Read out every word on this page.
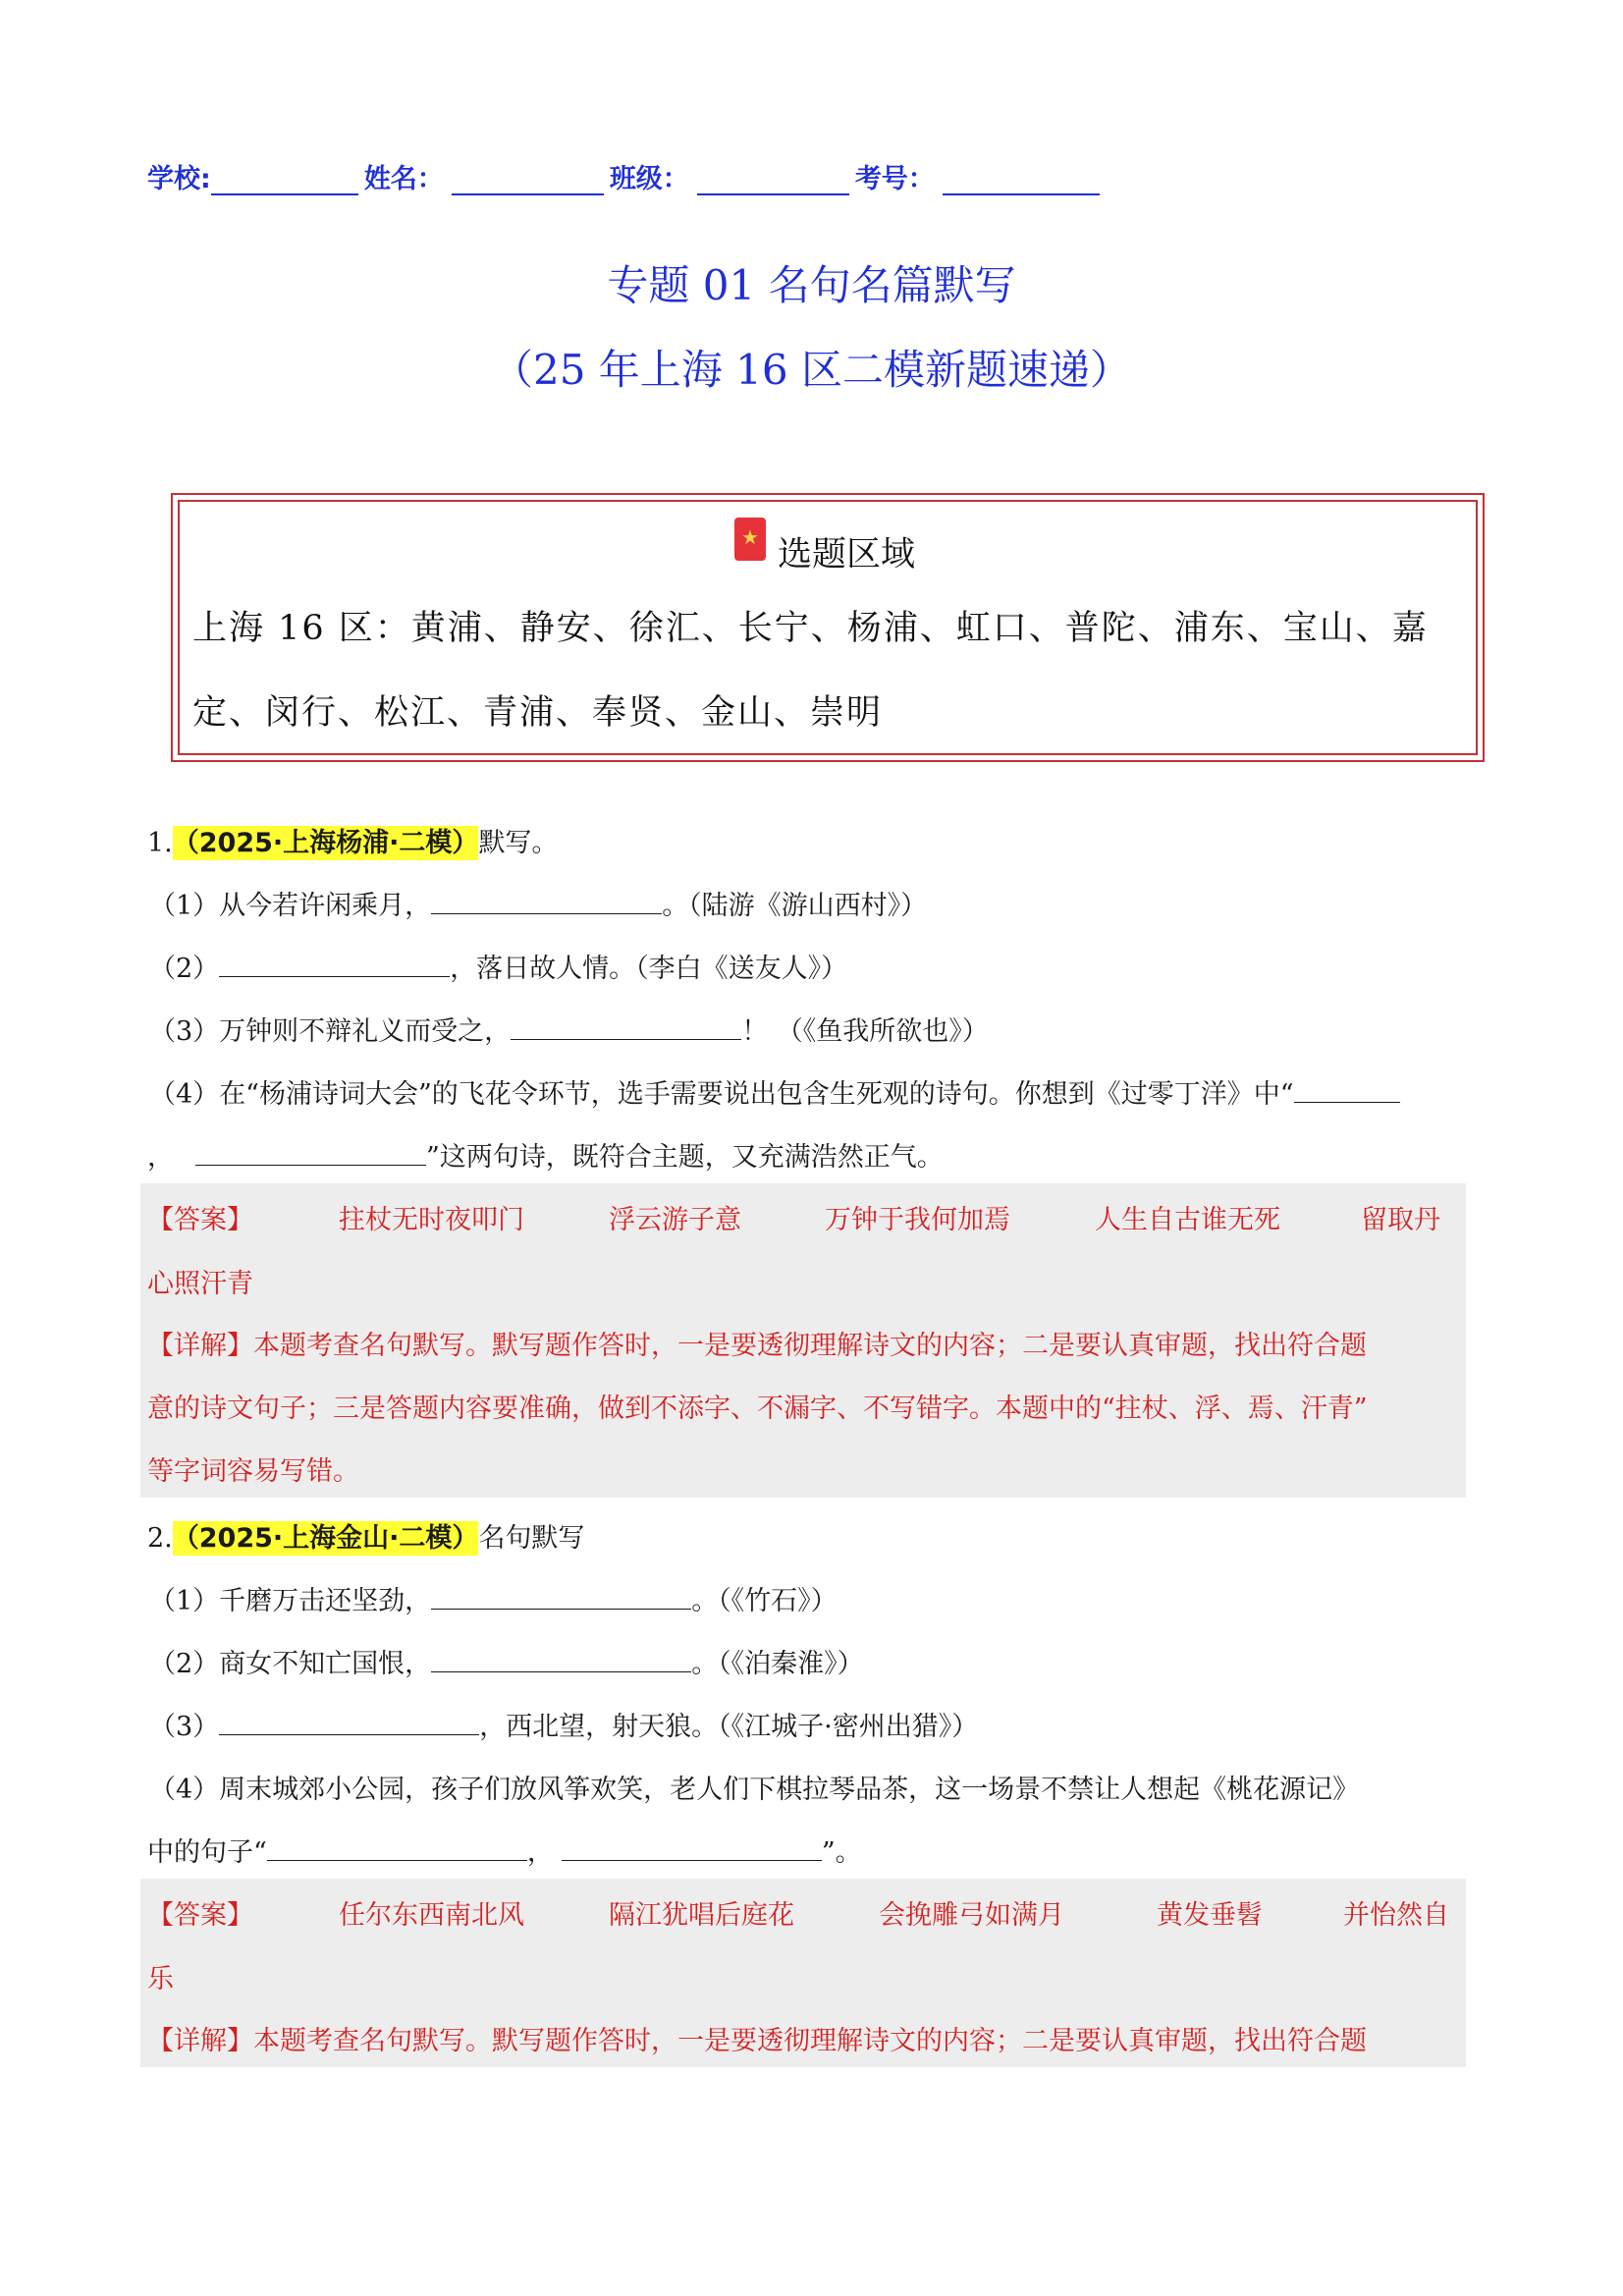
学校:	姓名：	班级：	考号：
专题 01 名句名篇默写
（25 年上海 16 区二模新题速递）
★ 选题区域
上海 16 区：黄浦、静安、徐汇、长宁、杨浦、虹口、普陀、浦东、宝山、嘉
定、闵行、松江、青浦、奉贤、金山、崇明
1.（2025·上海杨浦·二模）默写。
（1）从今若许闲乘月，	。（陆游《游山西村》）
（2）	，落日故人情。（李白《送友人》）
（3）万钟则不辩礼义而受之，	！ （《鱼我所欲也》）
（4）在“杨浦诗词大会”的飞花令环节，选手需要说出包含生死观的诗句。你想到《过零丁洋》中“
，	”这两句诗，既符合主题，又充满浩然正气。
【答案】	拄杖无时夜叩门	浮云游子意	万钟于我何加焉	人生自古谁无死	留取丹
心照汗青
【详解】本题考查名句默写。默写题作答时，一是要透彻理解诗文的内容；二是要认真审题，找出符合题
意的诗文句子；三是答题内容要准确，做到不添字、不漏字、不写错字。本题中的“拄杖、浮、焉、汗青”
等字词容易写错。
2.（2025·上海金山·二模）名句默写
（1）千磨万击还坚劲，	。（《竹石》）
（2）商女不知亡国恨，	。（《泊秦淮》）
（3）	，西北望，射天狼。（《江城子·密州出猎》）
（4）周末城郊小公园，孩子们放风筝欢笑，老人们下棋拉琴品茶，这一场景不禁让人想起《桃花源记》
中的句子“	，	”。
【答案】	任尔东西南北风	隔江犹唱后庭花	会挽雕弓如满月	黄发垂髫	并怡然自
乐
【详解】本题考查名句默写。默写题作答时，一是要透彻理解诗文的内容；二是要认真审题，找出符合题
